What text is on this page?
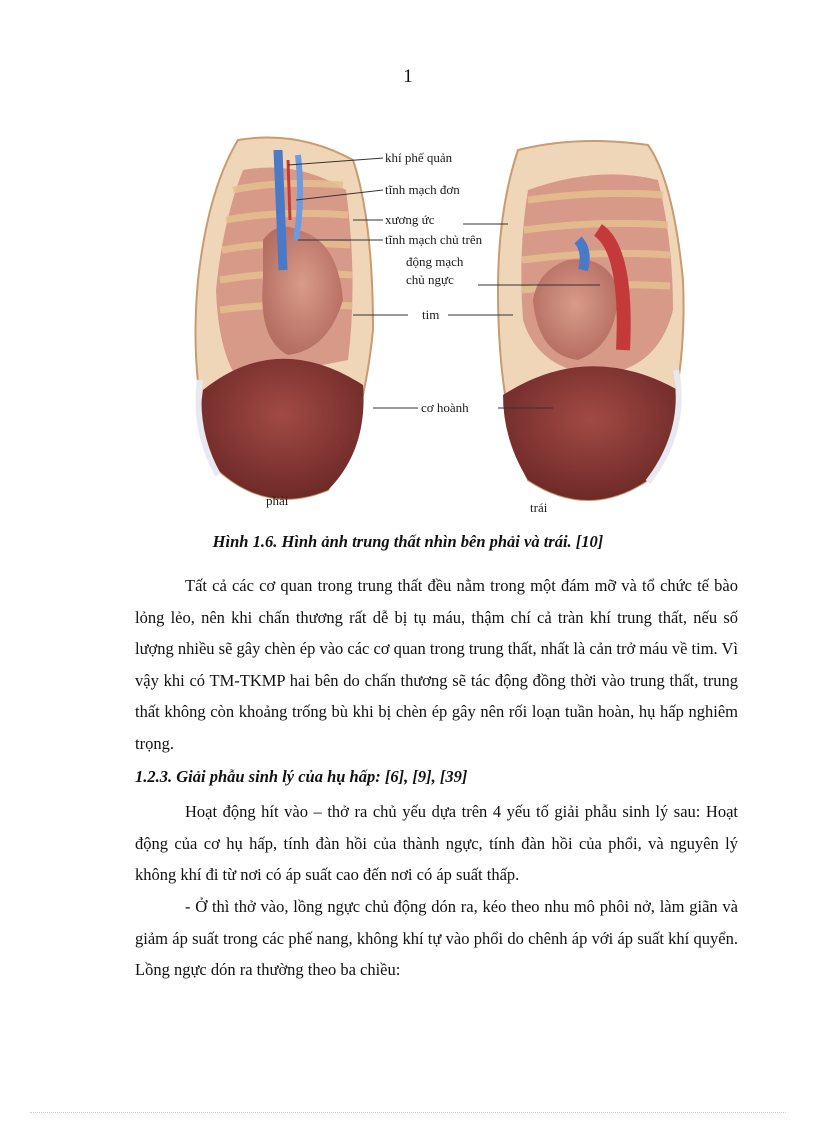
1
khí phế quản
tĩnh mạch đơn
xương ức
tĩnh mạch chủ trên
động mạch
chủ ngực
tim
cơ hoành
phải	trái
Hình 1.6. Hình ảnh trung thất nhìn bên phải và trái. [10]

Tất cả các cơ quan trong trung thất đều nằm trong một đám mỡ và tổ chức tế bào lỏng lẻo, nên khi chấn thương rất dễ bị tụ máu, thậm chí cả tràn khí trung thất, nếu số lượng nhiều sẽ gây chèn ép vào các cơ quan trong trung thất, nhất là cản trở máu về tim. Vì vậy khi có TM-TKMP hai bên do chấn thương sẽ tác động đồng thời vào trung thất, trung thất không còn khoảng trống bù khi bị chèn ép gây nên rối loạn tuần hoàn, hụ hấp nghiêm trọng.

1.2.3. Giải phẫu sinh lý của hụ hấp: [6], [9], [39]

Hoạt động hít vào – thở ra chủ yếu dựa trên 4 yếu tố giải phẫu sinh lý sau: Hoạt động của cơ hụ hấp, tính đàn hồi của thành ngực, tính đàn hồi của phổi, và nguyên lý không khí đi từ nơi có áp suất cao đến nơi có áp suất thấp.

- Ở thì thở vào, lồng ngực chủ động dón ra, kéo theo nhu mô phôi nở, làm giãn và giảm áp suất trong các phế nang, không khí tự vào phổi do chênh áp với áp suất khí quyển. Lồng ngực dón ra thường theo ba chiều:
